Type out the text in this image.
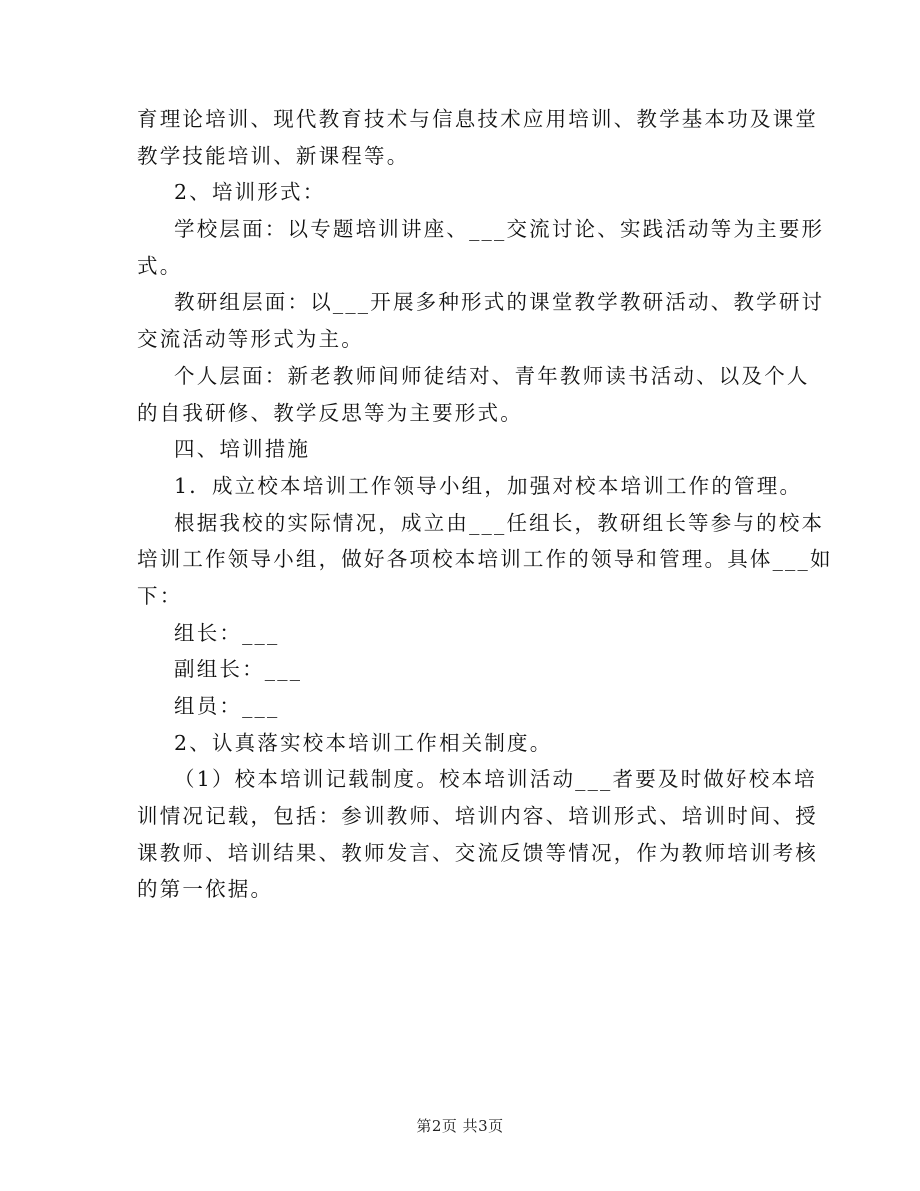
育理论培训、现代教育技术与信息技术应用培训、教学基本功及课堂
教学技能培训、新课程等。
2、培训形式：
学校层面：以专题培训讲座、___交流讨论、实践活动等为主要形
式。
教研组层面：以___开展多种形式的课堂教学教研活动、教学研讨
交流活动等形式为主。
个人层面：新老教师间师徒结对、青年教师读书活动、以及个人
的自我研修、教学反思等为主要形式。
四、培训措施
1．成立校本培训工作领导小组，加强对校本培训工作的管理。
根据我校的实际情况，成立由___任组长，教研组长等参与的校本
培训工作领导小组，做好各项校本培训工作的领导和管理。具体___如
下：
组长：___
副组长：___
组员：___
2、认真落实校本培训工作相关制度。
（1）校本培训记载制度。校本培训活动___者要及时做好校本培
训情况记载，包括：参训教师、培训内容、培训形式、培训时间、授
课教师、培训结果、教师发言、交流反馈等情况，作为教师培训考核
的第一依据。
第2页 共3页
